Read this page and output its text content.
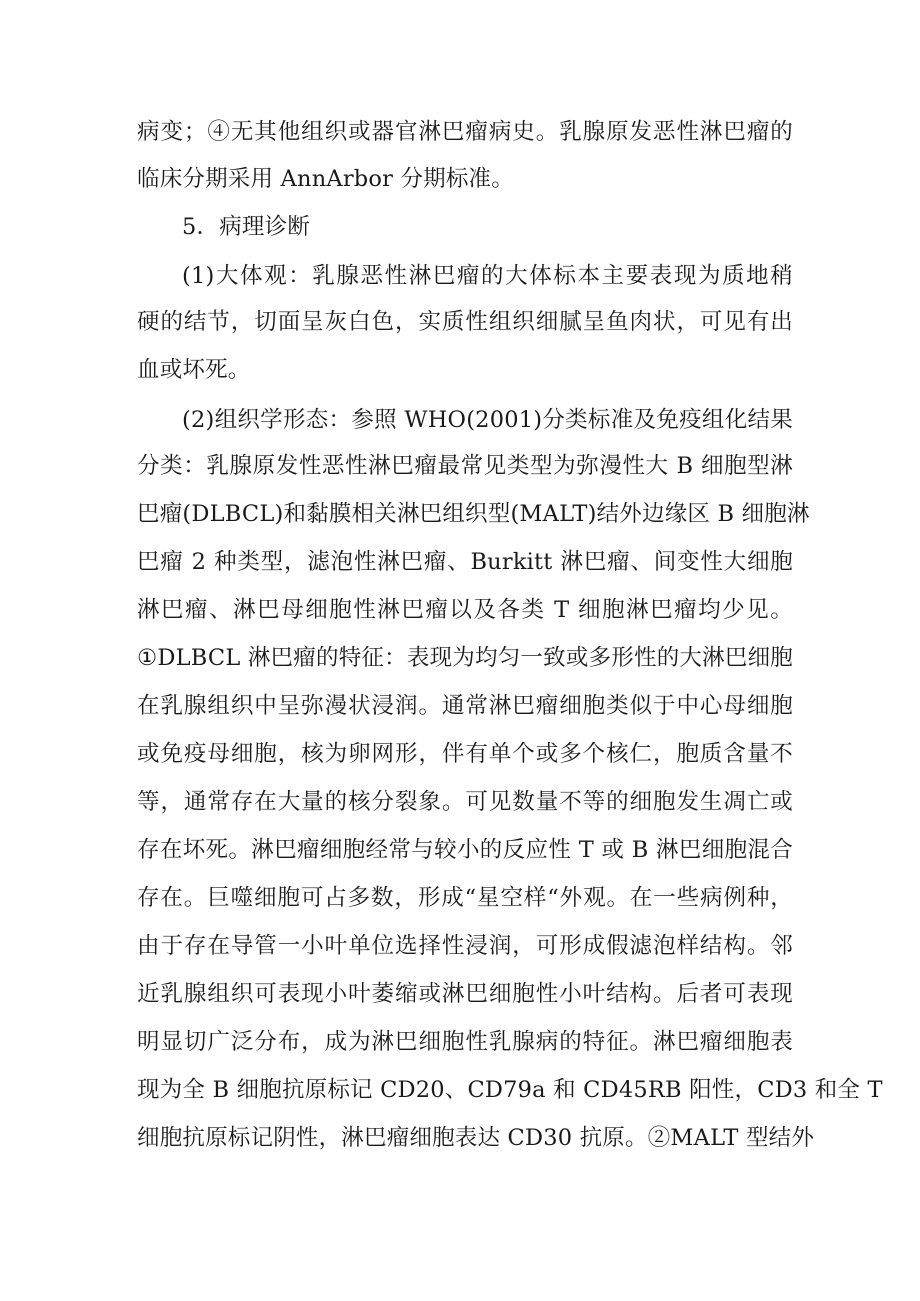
病变；④无其他组织或器官淋巴瘤病史。乳腺原发恶性淋巴瘤的
临床分期采用 AnnArbor 分期标准。
5．病理诊断
(1)大体观：乳腺恶性淋巴瘤的大体标本主要表现为质地稍
硬的结节，切面呈灰白色，实质性组织细腻呈鱼肉状，可见有出
血或坏死。
(2)组织学形态：参照 WHO(2001)分类标准及免疫组化结果
分类：乳腺原发性恶性淋巴瘤最常见类型为弥漫性大 B 细胞型淋
巴瘤(DLBCL)和黏膜相关淋巴组织型(MALT)结外边缘区 B 细胞淋
巴瘤 2 种类型，滤泡性淋巴瘤、Burkitt 淋巴瘤、间变性大细胞
淋巴瘤、淋巴母细胞性淋巴瘤以及各类 T 细胞淋巴瘤均少见。
①DLBCL 淋巴瘤的特征：表现为均匀一致或多形性的大淋巴细胞
在乳腺组织中呈弥漫状浸润。通常淋巴瘤细胞类似于中心母细胞
或免疫母细胞，核为卵网形，伴有单个或多个核仁，胞质含量不
等，通常存在大量的核分裂象。可见数量不等的细胞发生凋亡或
存在坏死。淋巴瘤细胞经常与较小的反应性 T 或 B 淋巴细胞混合
存在。巨噬细胞可占多数，形成“星空样“外观。在一些病例种，
由于存在导管一小叶单位选择性浸润，可形成假滤泡样结构。邻
近乳腺组织可表现小叶萎缩或淋巴细胞性小叶结构。后者可表现
明显切广泛分布，成为淋巴细胞性乳腺病的特征。淋巴瘤细胞表
现为全 B 细胞抗原标记 CD20、CD79a 和 CD45RB 阳性，CD3 和全 T
细胞抗原标记阴性，淋巴瘤细胞表达 CD30 抗原。②MALT 型结外
